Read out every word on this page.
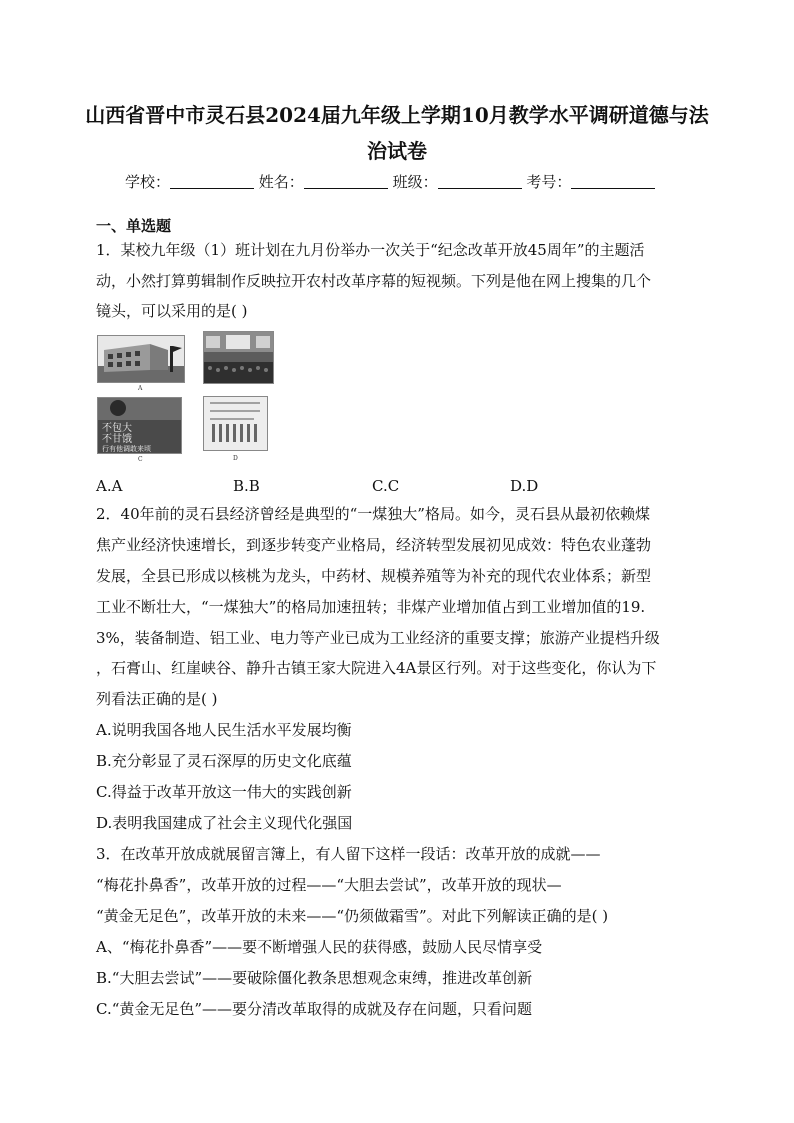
山西省晋中市灵石县2024届九年级上学期10月教学水平调研道德与法
治试卷
学校：	姓名：	班级：	考号：
一、单选题
1．某校九年级（1）班计划在九月份举办一次关于“纪念改革开放45周年”的主题活
动，小然打算剪辑制作反映拉开农村改革序幕的短视频。下列是他在网上搜集的几个
镜头，可以采用的是( )
A
不包大
不甘饿
行有他调敢来顷
C	D
A.A	B.B	C.C	D.D
2．40年前的灵石县经济曾经是典型的“一煤独大”格局。如今，灵石县从最初依赖煤
焦产业经济快速增长，到逐步转变产业格局，经济转型发展初见成效：特色农业蓬勃
发展，全县已形成以核桃为龙头，中药材、规模养殖等为补充的现代农业体系；新型
工业不断壮大，“一煤独大”的格局加速扭转；非煤产业增加值占到工业增加值的19.
3%，装备制造、铝工业、电力等产业已成为工业经济的重要支撑；旅游产业提档升级
，石膏山、红崖峡谷、静升古镇王家大院进入4A景区行列。对于这些变化，你认为下
列看法正确的是( )
A.说明我国各地人民生活水平发展均衡
B.充分彰显了灵石深厚的历史文化底蕴
C.得益于改革开放这一伟大的实践创新
D.表明我国建成了社会主义现代化强国
3．在改革开放成就展留言簿上，有人留下这样一段话：改革开放的成就——
“梅花扑鼻香”，改革开放的过程——“大胆去尝试”，改革开放的现状—
“黄金无足色”，改革开放的未来——“仍须做霜雪”。对此下列解读正确的是( )
A、“梅花扑鼻香”——要不断增强人民的获得感，鼓励人民尽情享受
B.“大胆去尝试”——要破除僵化教条思想观念束缚，推进改革创新
C.“黄金无足色”——要分清改革取得的成就及存在问题，只看问题
